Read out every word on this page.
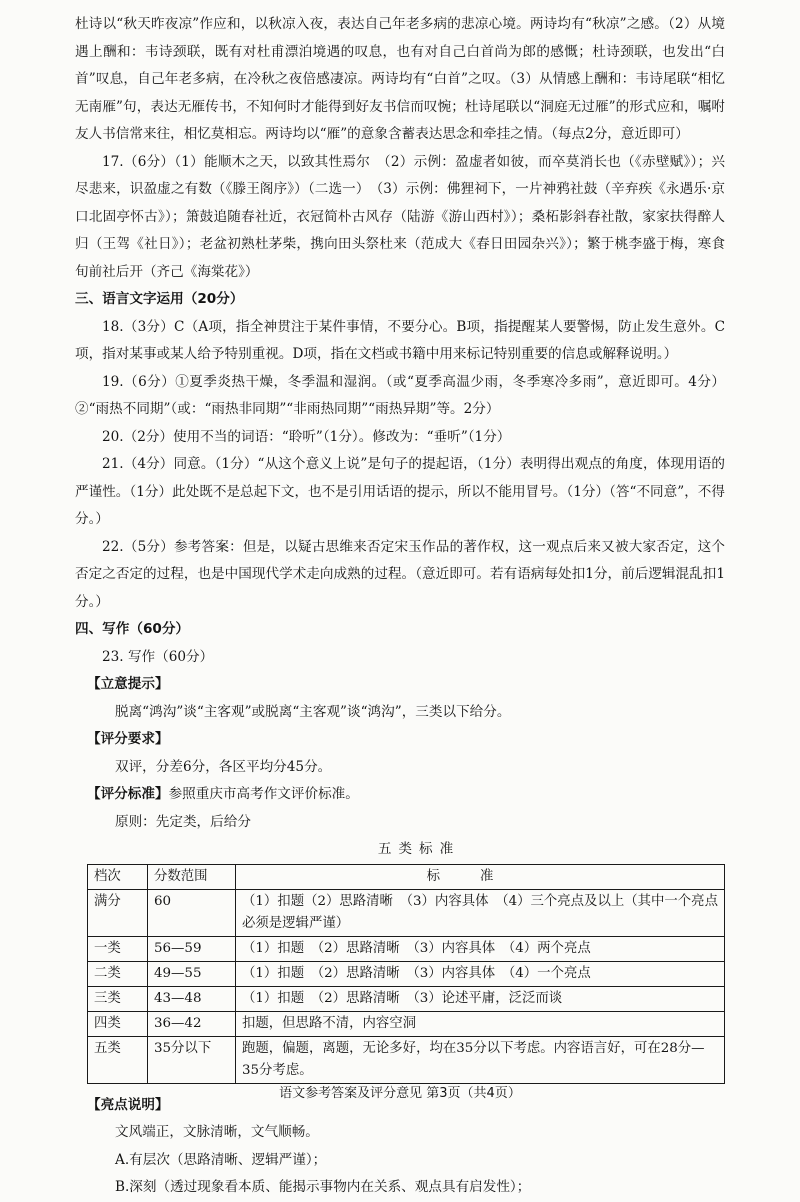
杜诗以“秋天昨夜凉”作应和，以秋凉入夜，表达自己年老多病的悲凉心境。两诗均有“秋凉”之感。（2）从境遇上酬和：韦诗颈联，既有对杜甫漂泊境遇的叹息，也有对自己白首尚为郎的感慨；杜诗颈联，也发出“白首”叹息，自己年老多病，在冷秋之夜倍感凄凉。两诗均有“白首”之叹。（3）从情感上酬和：韦诗尾联“相忆无南雁”句，表达无雁传书，不知何时才能得到好友书信而叹惋；杜诗尾联以“洞庭无过雁”的形式应和，嘱咐友人书信常来往，相忆莫相忘。两诗均以“雁”的意象含蓄表达思念和牵挂之情。（每点2分，意近即可）

17.（6分）（1）能顺木之天，以致其性焉尔　（2）示例：盈虚者如彼，而卒莫消长也（《赤壁赋》）；兴尽悲来，识盈虚之有数（《滕王阁序》）（二选一）　（3）示例：佛狸祠下，一片神鸦社鼓（辛弃疾《永遇乐·京口北固亭怀古》）；箫鼓追随春社近，衣冠简朴古风存（陆游《游山西村》）；桑柘影斜春社散，家家扶得醉人归（王驾《社日》）；老盆初熟杜茅柴，携向田头祭杜来（范成大《春日田园杂兴》）；繁于桃李盛于梅，寒食旬前社后开（齐己《海棠花》）

三、语言文字运用（20分）

18.（3分）C（A项，指全神贯注于某件事情，不要分心。B项，指提醒某人要警惕，防止发生意外。C项，指对某事或某人给予特别重视。D项，指在文档或书籍中用来标记特别重要的信息或解释说明。）

19.（6分）①夏季炎热干燥，冬季温和湿润。（或“夏季高温少雨，冬季寒冷多雨”，意近即可。4分）②“雨热不同期”（或：“雨热非同期”“非雨热同期”“雨热异期”等。2分）

20.（2分）使用不当的词语：“聆听”（1分）。修改为：“垂听”（1分）

21.（4分）同意。（1分）“从这个意义上说”是句子的提起语，（1分）表明得出观点的角度，体现用语的严谨性。（1分）此处既不是总起下文，也不是引用话语的提示，所以不能用冒号。（1分）（答“不同意”，不得分。）

22.（5分）参考答案：但是，以疑古思维来否定宋玉作品的著作权，这一观点后来又被大家否定，这个否定之否定的过程，也是中国现代学术走向成熟的过程。（意近即可。若有语病每处扣1分，前后逻辑混乱扣1分。）

四、写作（60分）

23. 写作（60分）

【立意提示】

脱离“鸿沟”谈“主客观”或脱离“主客观”谈“鸿沟”，三类以下给分。

【评分要求】

双评，分差6分，各区平均分45分。

【评分标准】参照重庆市高考作文评价标准。

原则：先定类，后给分

五类标准

档次	分数范围	标准
满分	60	（1）扣题（2）思路清晰　（3）内容具体　（4）三个亮点及以上（其中一个亮点必须是逻辑严谨）
一类	56—59	（1）扣题　（2）思路清晰　（3）内容具体　（4）两个亮点
二类	49—55	（1）扣题　（2）思路清晰　（3）内容具体　（4）一个亮点
三类	43—48	（1）扣题　（2）思路清晰　（3）论述平庸，泛泛而谈
四类	36—42	扣题，但思路不清，内容空洞
五类	35分以下	跑题，偏题，离题，无论多好，均在35分以下考虑。内容语言好，可在28分—35分考虑。

【亮点说明】

文风端正，文脉清晰，文气顺畅。

A.有层次（思路清晰、逻辑严谨）；

B.深刻（透过现象看本质、能揭示事物内在关系、观点具有启发性）；

语文参考答案及评分意见 第3页（共4页）
